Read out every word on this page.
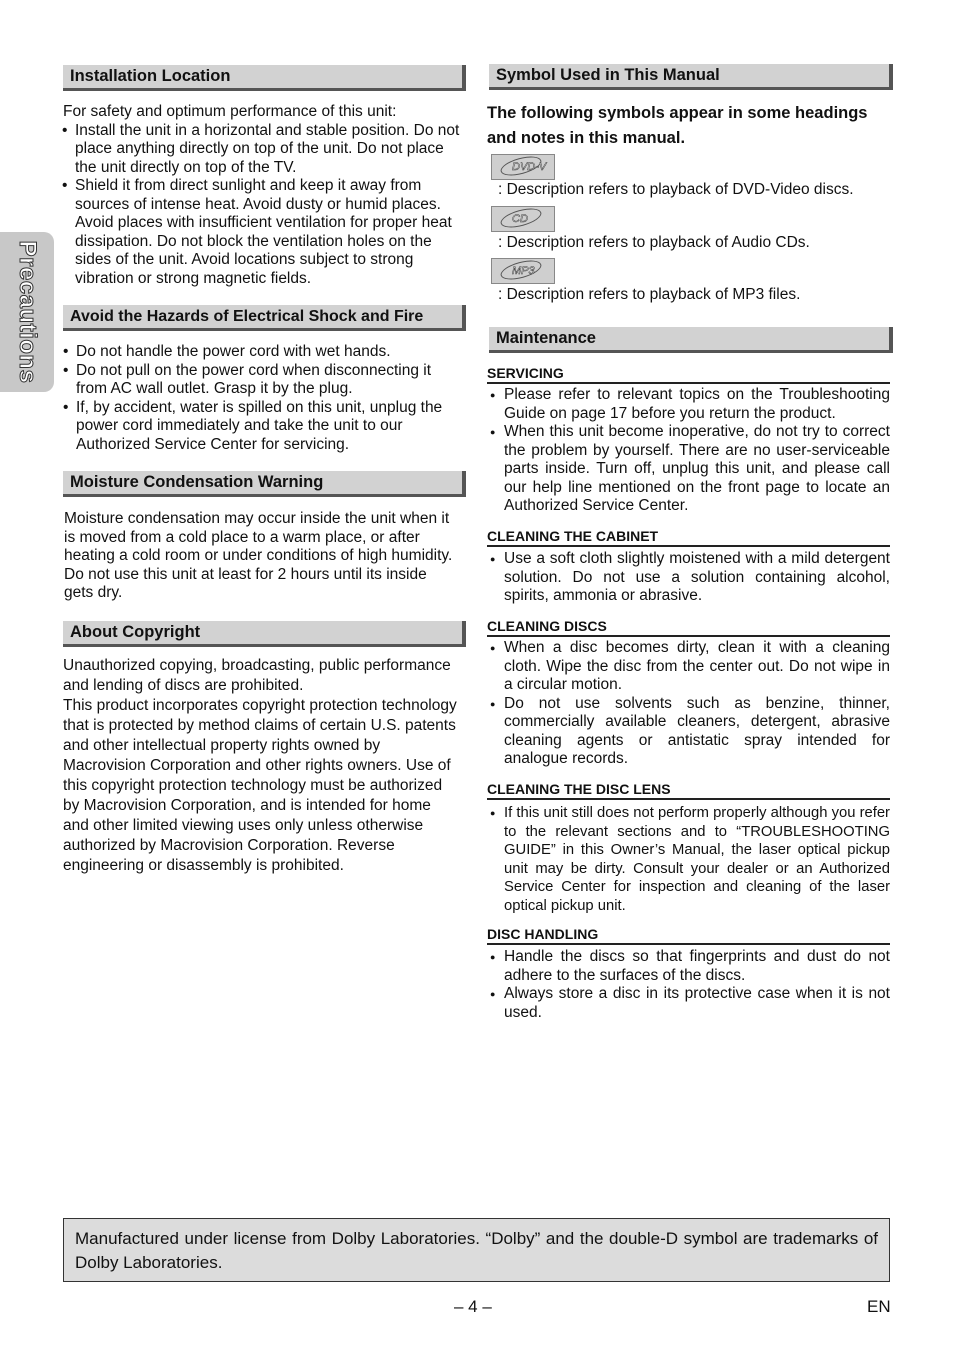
Precautions
Installation Location
For safety and optimum performance of this unit:
• Install the unit in a horizontal and stable position. Do not place anything directly on top of the unit. Do not place the unit directly on top of the TV.
• Shield it from direct sunlight and keep it away from sources of intense heat. Avoid dusty or humid places. Avoid places with insufficient ventilation for proper heat dissipation. Do not block the ventilation holes on the sides of the unit. Avoid locations subject to strong vibration or strong magnetic fields.
Avoid the Hazards of Electrical Shock and Fire
• Do not handle the power cord with wet hands.
• Do not pull on the power cord when disconnecting it from AC wall outlet. Grasp it by the plug.
• If, by accident, water is spilled on this unit, unplug the power cord immediately and take the unit to our Authorized Service Center for servicing.
Moisture Condensation Warning
Moisture condensation may occur inside the unit when it is moved from a cold place to a warm place, or after heating a cold room or under conditions of high humidity. Do not use this unit at least for 2 hours until its inside gets dry.
About Copyright
Unauthorized copying, broadcasting, public performance and lending of discs are prohibited.
This product incorporates copyright protection technology that is protected by method claims of certain U.S. patents and other intellectual property rights owned by Macrovision Corporation and other rights owners. Use of this copyright protection technology must be authorized by Macrovision Corporation, and is intended for home and other limited viewing uses only unless otherwise authorized by Macrovision Corporation. Reverse engineering or disassembly is prohibited.
Symbol Used in This Manual
The following symbols appear in some headings and notes in this manual.
DVD-V
: Description refers to playback of DVD-Video discs.
CD
: Description refers to playback of Audio CDs.
MP3
: Description refers to playback of MP3 files.
Maintenance
SERVICING
● Please refer to relevant topics on the Troubleshooting Guide on page 17 before you return the product.
● When this unit become inoperative, do not try to correct the problem by yourself. There are no user-serviceable parts inside. Turn off, unplug this unit, and please call our help line mentioned on the front page to locate an Authorized Service Center.
CLEANING THE CABINET
● Use a soft cloth slightly moistened with a mild detergent solution. Do not use a solution containing alcohol, spirits, ammonia or abrasive.
CLEANING DISCS
● When a disc becomes dirty, clean it with a cleaning cloth. Wipe the disc from the center out. Do not wipe in a circular motion.
● Do not use solvents such as benzine, thinner, commercially available cleaners, detergent, abrasive cleaning agents or antistatic spray intended for analogue records.
CLEANING THE DISC LENS
● If this unit still does not perform properly although you refer to the relevant sections and to “TROUBLESHOOTING GUIDE” in this Owner’s Manual, the laser optical pickup unit may be dirty. Consult your dealer or an Authorized Service Center for inspection and cleaning of the laser optical pickup unit.
DISC HANDLING
● Handle the discs so that fingerprints and dust do not adhere to the surfaces of the discs.
● Always store a disc in its protective case when it is not used.
Manufactured under license from Dolby Laboratories. “Dolby” and the double-D symbol are trademarks of Dolby Laboratories.
– 4 –	EN
